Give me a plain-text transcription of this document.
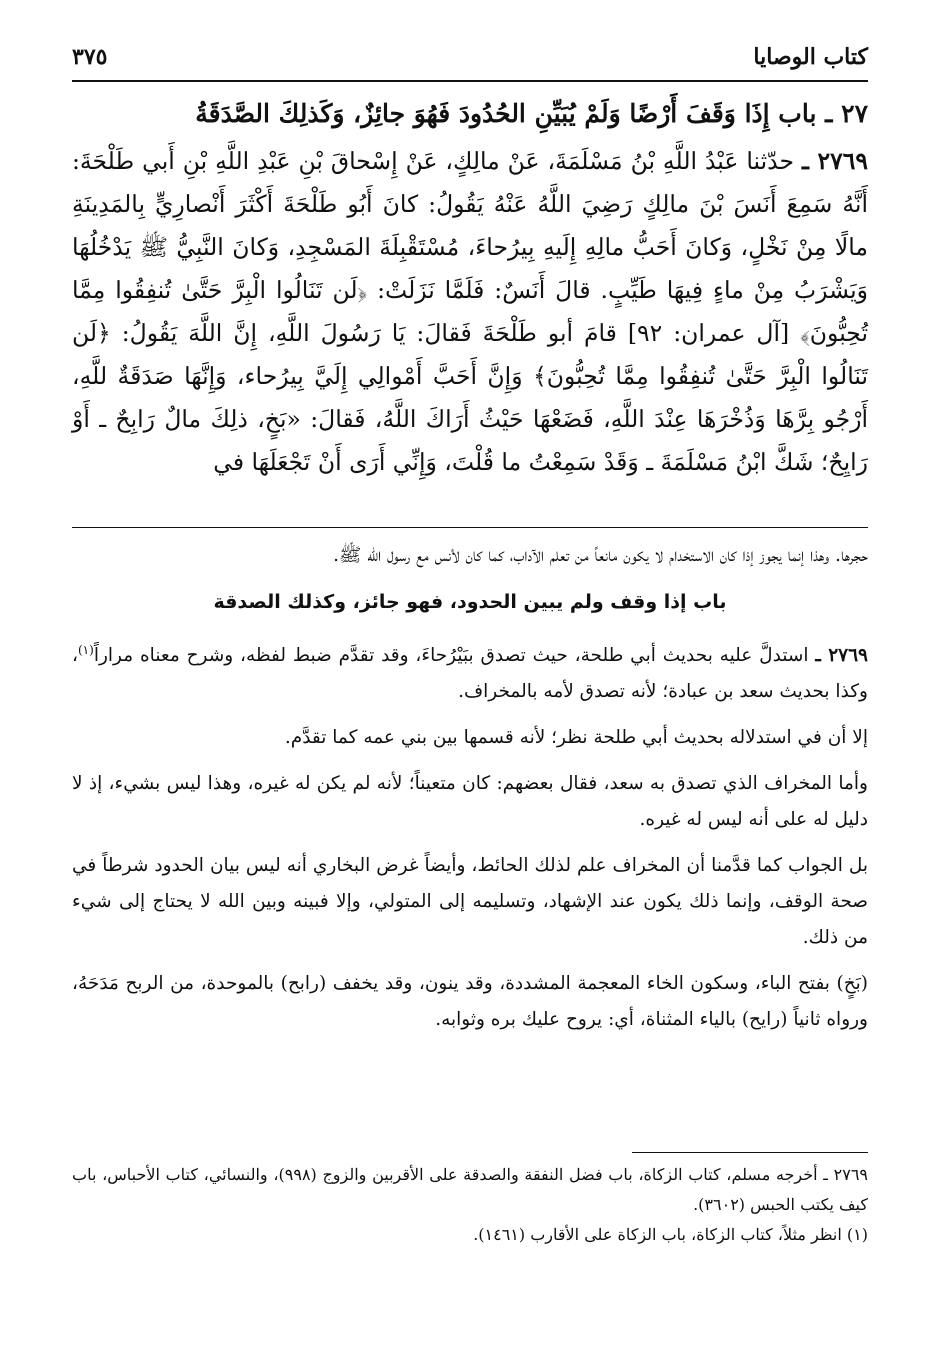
كتاب الوصايا
٣٧٥

٢٧ ـ باب إِذَا وَقَفَ أَرْضًا وَلَمْ يُبَيِّنِ الحُدُودَ فَهُوَ جائِزٌ، وَكَذلِكَ الصَّدَقَةُ

٢٧٦٩ ـ حدّثنا عَبْدُ اللَّهِ بْنُ مَسْلَمَةَ، عَنْ مالِكٍ، عَنْ إِسْحاقَ بْنِ عَبْدِ اللَّهِ بْنِ أَبي طَلْحَةَ: أَنَّهُ سَمِعَ أَنَسَ بْنَ مالِكٍ رَضِيَ اللَّهُ عَنْهُ يَقُولُ: كانَ أَبُو طَلْحَةَ أَكْثَرَ أَنْصارِيٍّ بِالمَدِينَةِ مالًا مِنْ نَخْلٍ، وَكانَ أَحَبُّ مالِهِ إِلَيهِ بِيرُحاءَ، مُسْتَقْبِلَةَ المَسْجِدِ، وَكانَ النَّبِيُّ ﷺ يَدْخُلُهَا وَيَشْرَبُ مِنْ ماءٍ فِيهَا طَيِّبٍ. قالَ أَنَسٌ: فَلَمَّا نَزَلَتْ: ﴿لَن تَنَالُوا الْبِرَّ حَتَّىٰ تُنفِقُوا مِمَّا تُحِبُّونَ﴾ [آل عمران: ٩٢] قامَ أبو طَلْحَةَ فَقالَ: يَا رَسُولَ اللَّهِ، إِنَّ اللَّهَ يَقُولُ: ﴿لَن تَنَالُوا الْبِرَّ حَتَّىٰ تُنفِقُوا مِمَّا تُحِبُّونَ﴾ وَإِنَّ أَحَبَّ أَمْوالِي إِلَيَّ بِيرُحاء، وَإِنَّهَا صَدَقَةٌ للَّهِ، أَرْجُو بِرَّهَا وَذُخْرَهَا عِنْدَ اللَّهِ، فَضَعْهَا حَيْثُ أَرَاكَ اللَّهُ، فَقالَ: «بَخٍ، ذلِكَ مالٌ رَابِحٌ ـ أَوْ رَايِحٌ؛ شَكَّ ابْنُ مَسْلَمَةَ ـ وَقَدْ سَمِعْتُ ما قُلْتَ، وَإِنِّي أَرَى أَنْ تَجْعَلَهَا في

حجرها. وهذا إنما يجوز إذا كان الاستخدام لا يكون مانعاً من تعلم الآداب، كما كان لأنس مع رسول الله ﷺ.

باب إذا وقف ولم يبين الحدود، فهو جائز، وكذلك الصدقة

٢٧٦٩ ـ استدلَّ عليه بحديث أبي طلحة، حيث تصدق ببَيْرُحاءَ، وقد تقدَّم ضبط لفظه، وشرح معناه مراراً$^{(١)}$، وكذا بحديث سعد بن عبادة؛ لأنه تصدق لأمه بالمخراف.

إلا أن في استدلاله بحديث أبي طلحة نظر؛ لأنه قسمها بين بني عمه كما تقدَّم.

وأما المخراف الذي تصدق به سعد، فقال بعضهم: كان متعيناً؛ لأنه لم يكن له غيره، وهذا ليس بشيء، إذ لا دليل له على أنه ليس له غيره.

بل الجواب كما قدَّمنا أن المخراف علم لذلك الحائط، وأيضاً غرض البخاري أنه ليس بيان الحدود شرطاً في صحة الوقف، وإنما ذلك يكون عند الإشهاد، وتسليمه إلى المتولي، وإلا فبينه وبين الله لا يحتاج إلى شيء من ذلك.

(بَخٍ) بفتح الباء، وسكون الخاء المعجمة المشددة، وقد ينون، وقد يخفف (رابح) بالموحدة، من الربح مَدَحَهُ، ورواه ثانياً (رايح) بالياء المثناة، أي: يروح عليك بره وثوابه.

٢٧٦٩ ـ أخرجه مسلم، كتاب الزكاة، باب فضل النفقة والصدقة على الأقربين والزوج (٩٩٨)، والنسائي، كتاب الأحباس، باب كيف يكتب الحبس (٣٦٠٢).

(١) انظر مثلاً، كتاب الزكاة، باب الزكاة على الأقارب (١٤٦١).
